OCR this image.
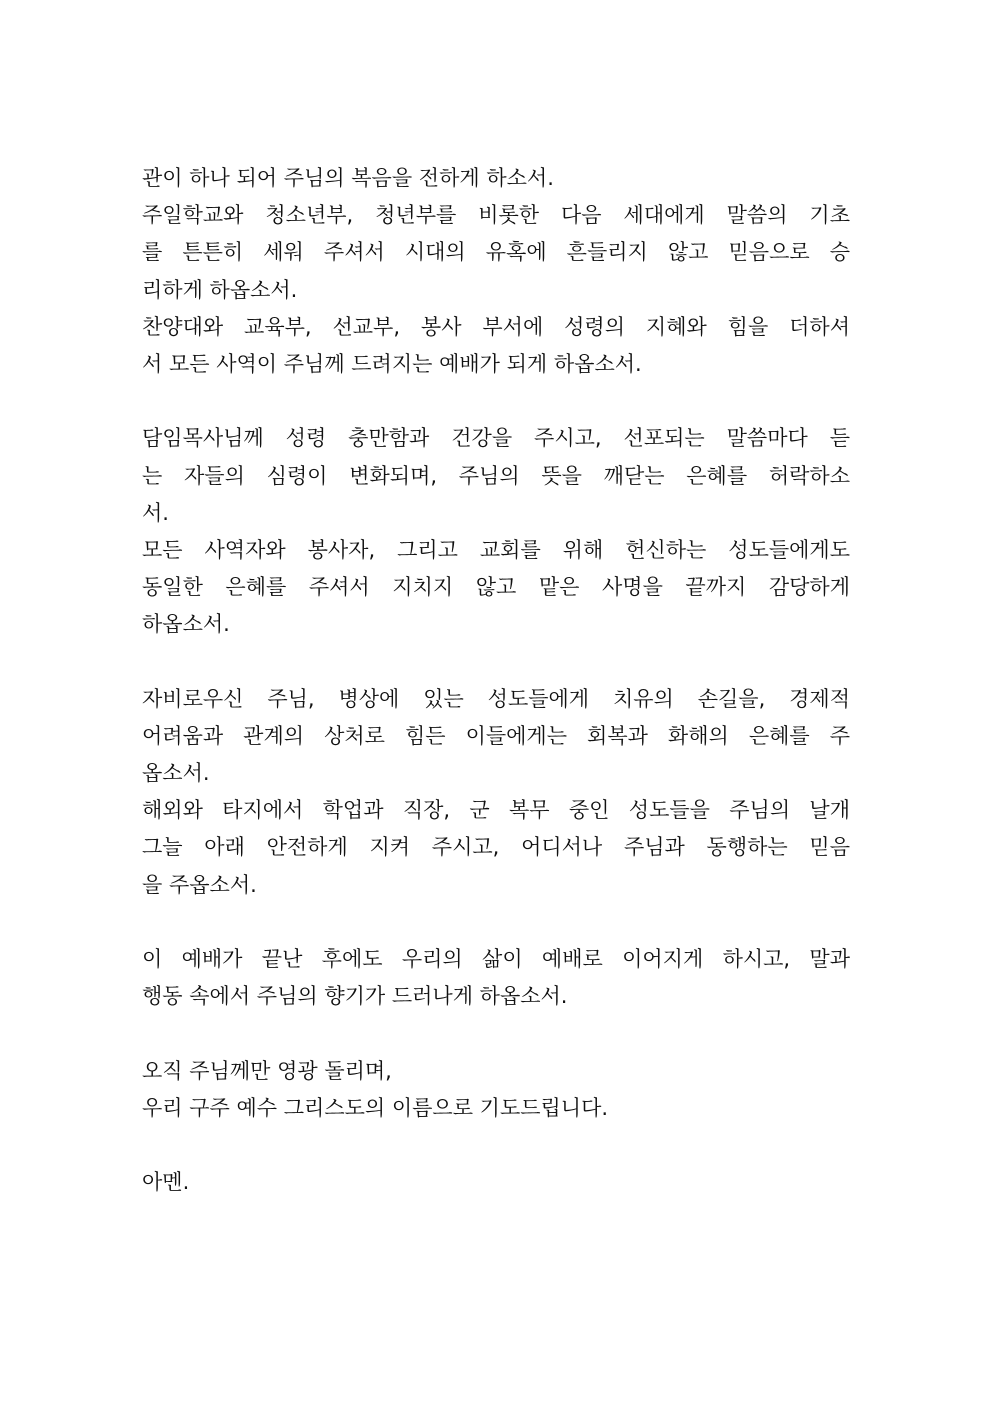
관이 하나 되어 주님의 복음을 전하게 하소서.
주일학교와 청소년부, 청년부를 비롯한 다음 세대에게 말씀의 기초
를 튼튼히 세워 주셔서 시대의 유혹에 흔들리지 않고 믿음으로 승
리하게 하옵소서.
찬양대와 교육부, 선교부, 봉사 부서에 성령의 지혜와 힘을 더하셔
서 모든 사역이 주님께 드려지는 예배가 되게 하옵소서.
담임목사님께 성령 충만함과 건강을 주시고, 선포되는 말씀마다 듣
는 자들의 심령이 변화되며, 주님의 뜻을 깨닫는 은혜를 허락하소
서.
모든 사역자와 봉사자, 그리고 교회를 위해 헌신하는 성도들에게도
동일한 은혜를 주셔서 지치지 않고 맡은 사명을 끝까지 감당하게
하옵소서.
자비로우신 주님, 병상에 있는 성도들에게 치유의 손길을, 경제적
어려움과 관계의 상처로 힘든 이들에게는 회복과 화해의 은혜를 주
옵소서.
해외와 타지에서 학업과 직장, 군 복무 중인 성도들을 주님의 날개
그늘 아래 안전하게 지켜 주시고, 어디서나 주님과 동행하는 믿음
을 주옵소서.
이 예배가 끝난 후에도 우리의 삶이 예배로 이어지게 하시고, 말과
행동 속에서 주님의 향기가 드러나게 하옵소서.
오직 주님께만 영광 돌리며,
우리 구주 예수 그리스도의 이름으로 기도드립니다.
아멘.
